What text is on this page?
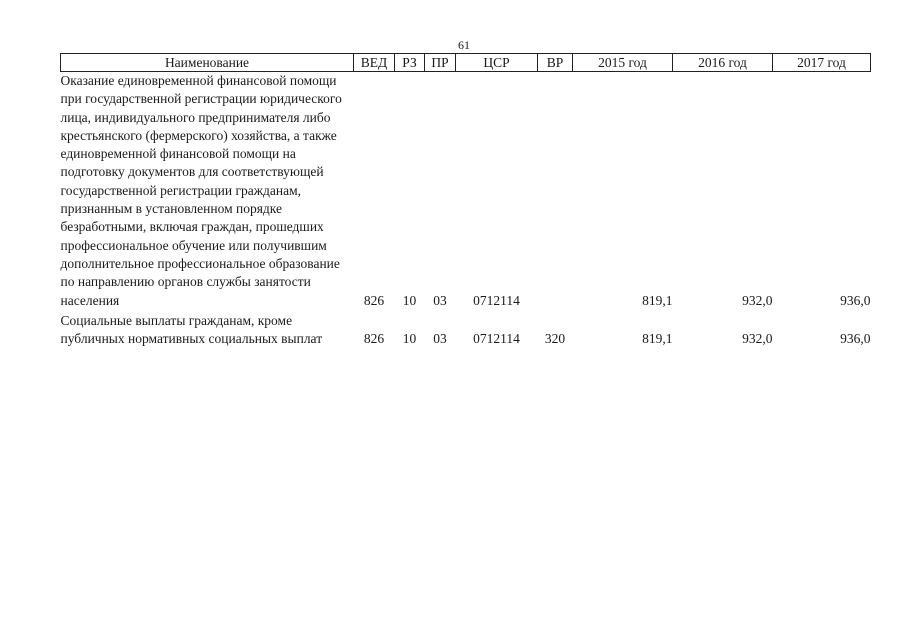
61
Наименование	ВЕД	РЗ	ПР	ЦСР	ВР	2015 год	2016 год	2017 год
Оказание единовременной финансовой помощи при государственной регистрации юридического лица, индивидуального предпринимателя либо крестьянского (фермерского) хозяйства, а также единовременной финансовой помощи на подготовку документов для соответствующей государственной регистрации гражданам, признанным в установленном порядке безработными, включая граждан, прошедших профессиональное обучение или получившим дополнительное профессиональное образование по направлению органов службы занятости населения	826	10	03	0712114		819,1	932,0	936,0
Социальные выплаты гражданам, кроме публичных нормативных социальных выплат	826	10	03	0712114	320	819,1	932,0	936,0
